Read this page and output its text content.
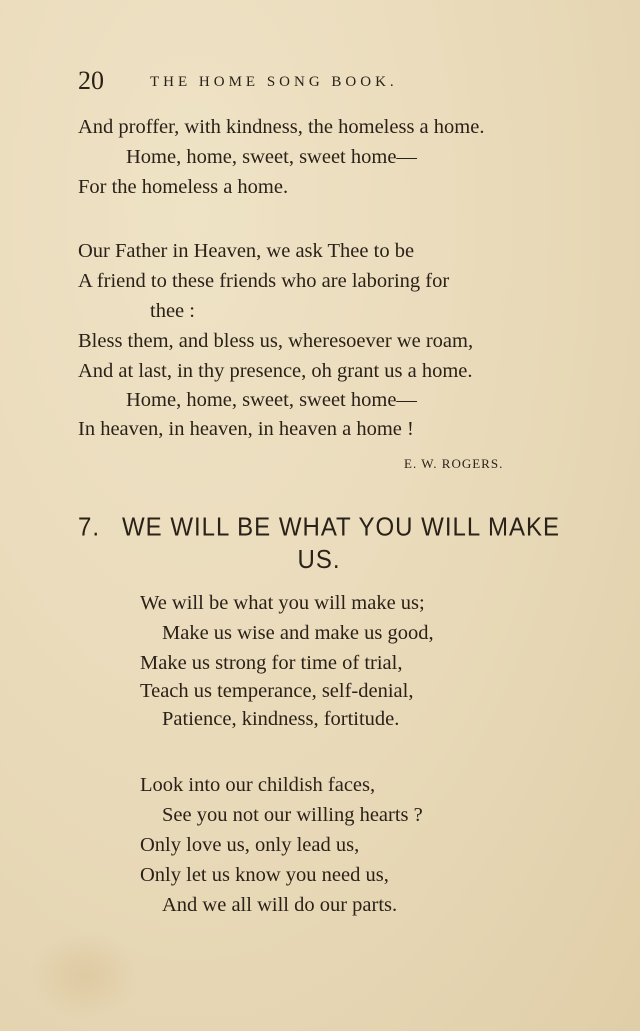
20	THE HOME SONG BOOK.
And proffer, with kindness, the homeless a home.
Home, home, sweet, sweet home—
For the homeless a home.
Our Father in Heaven, we ask Thee to be
A friend to these friends who are laboring for
thee :
Bless them, and bless us, wheresoever we roam,
And at last, in thy presence, oh grant us a home.
Home, home, sweet, sweet home—
In heaven, in heaven, in heaven a home !
E. W. ROGERS.
7. WE WILL BE WHAT YOU WILL MAKE
US.
We will be what you will make us;
Make us wise and make us good,
Make us strong for time of trial,
Teach us temperance, self-denial,
Patience, kindness, fortitude.
Look into our childish faces,
See you not our willing hearts ?
Only love us, only lead us,
Only let us know you need us,
And we all will do our parts.
